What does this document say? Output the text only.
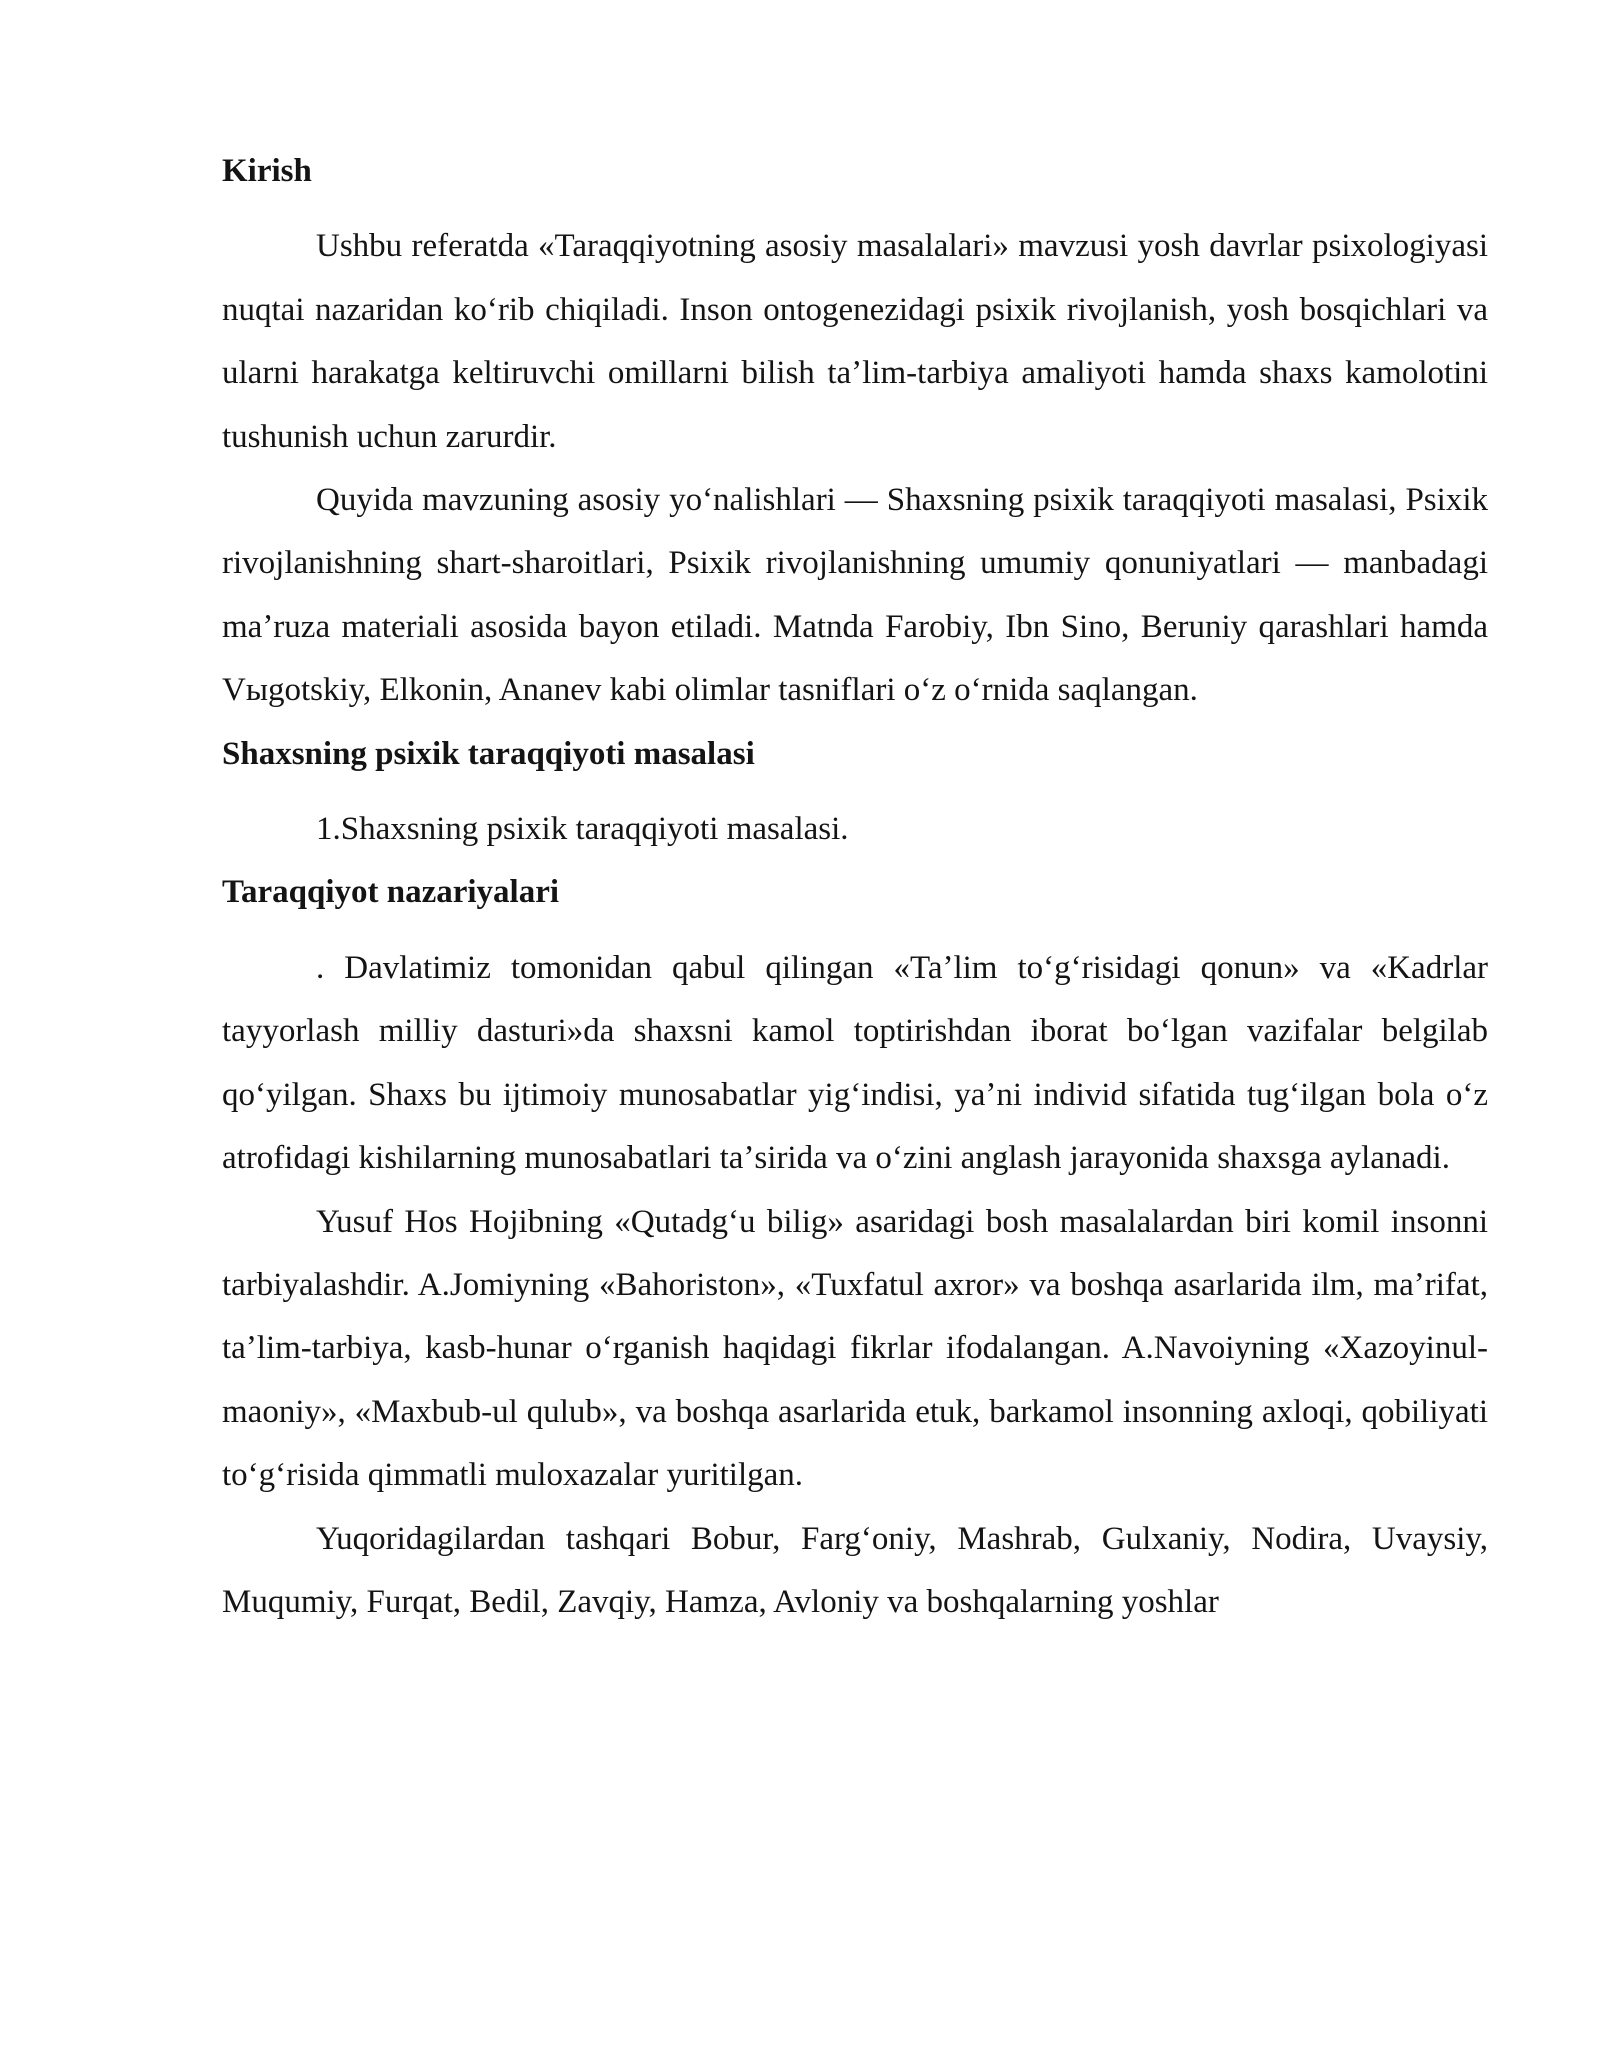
Kirish

Ushbu referatda «Taraqqiyotning asosiy masalalari» mavzusi yosh davrlar psixologiyasi nuqtai nazaridan koʻrib chiqiladi. Inson ontogenezidagi psixik rivojlanish, yosh bosqichlari va ularni harakatga keltiruvchi omillarni bilish taʼlim-tarbiya amaliyoti hamda shaxs kamolotini tushunish uchun zarurdir.

Quyida mavzuning asosiy yoʻnalishlari — Shaxsning psixik taraqqiyoti masalasi, Psixik rivojlanishning shart-sharoitlari, Psixik rivojlanishning umumiy qonuniyatlari — manbadagi maʼruza materiali asosida bayon etiladi. Matnda Farobiy, Ibn Sino, Beruniy qarashlari hamda Vыgotskiy, Elkonin, Ananev kabi olimlar tasniflari oʻz oʻrnida saqlangan.

Shaxsning psixik taraqqiyoti masalasi

1.Shaxsning psixik taraqqiyoti masalasi.

Taraqqiyot nazariyalari

. Davlatimiz tomonidan qabul qilingan «Taʼlim toʻgʻrisidagi qonun» va «Kadrlar tayyorlash milliy dasturi»da shaxsni kamol toptirishdan iborat boʻlgan vazifalar belgilab qoʻyilgan. Shaxs bu ijtimoiy munosabatlar yigʻindisi, yaʼni individ sifatida tugʻilgan bola oʻz atrofidagi kishilarning munosabatlari taʼsirida va oʻzini anglash jarayonida shaxsga aylanadi.

Yusuf Hos Hojibning «Qutadgʻu bilig» asaridagi bosh masalalardan biri komil insonni tarbiyalashdir. A.Jomiyning «Bahoriston», «Tuxfatul axror» va boshqa asarlarida ilm, maʼrifat, taʼlim-tarbiya, kasb-hunar oʻrganish haqidagi fikrlar ifodalangan. A.Navoiyning «Xazoyinul-maoniy», «Maxbub-ul qulub», va boshqa asarlarida etuk, barkamol insonning axloqi, qobiliyati toʻgʻrisida qimmatli muloxazalar yuritilgan.

Yuqoridagilardan tashqari Bobur, Fargʻoniy, Mashrab, Gulxaniy, Nodira, Uvaysiy, Muqumiy, Furqat, Bedil, Zavqiy, Hamza, Avloniy va boshqalarning yoshlar
